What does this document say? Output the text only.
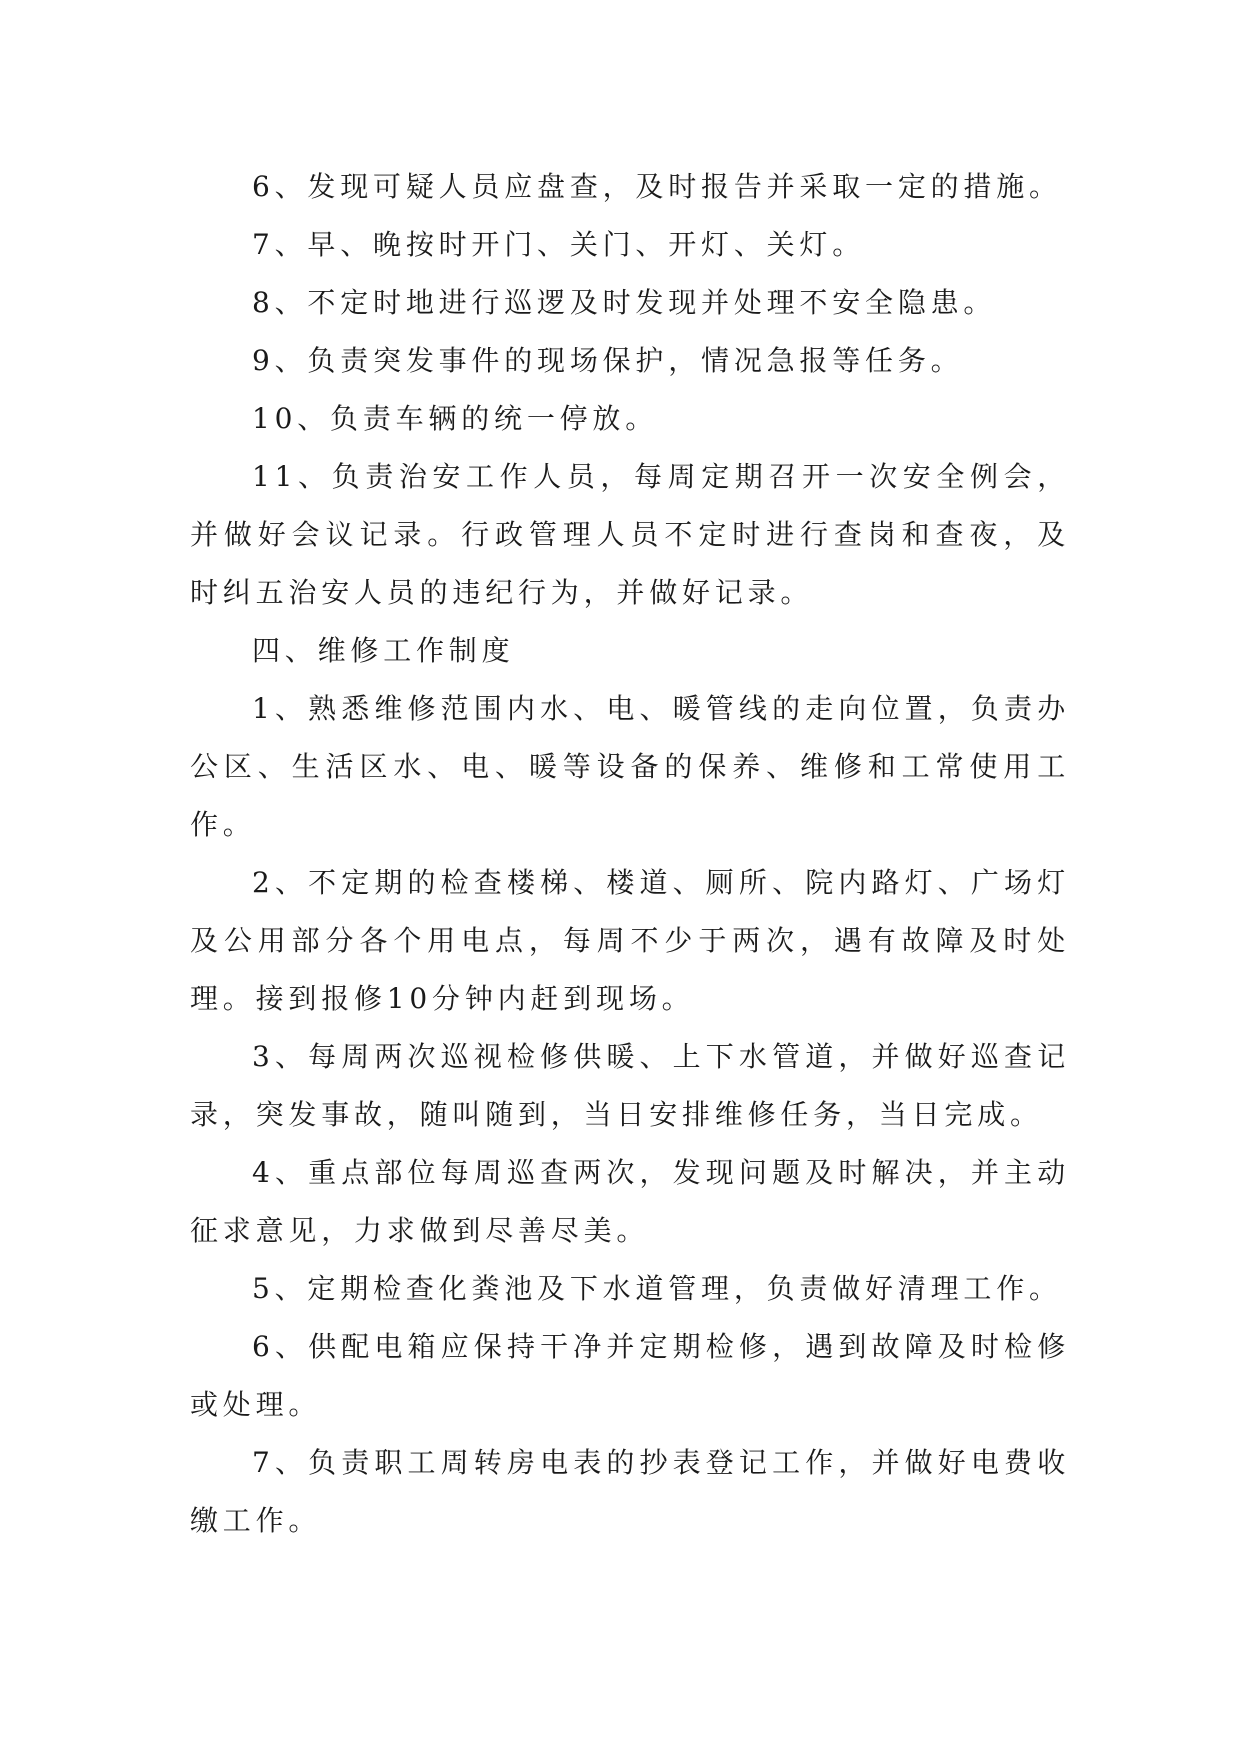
6、发现可疑人员应盘查，及时报告并采取一定的措施。

7、早、晚按时开门、关门、开灯、关灯。

8、不定时地进行巡逻及时发现并处理不安全隐患。

9、负责突发事件的现场保护，情况急报等任务。

10、负责车辆的统一停放。

11、负责治安工作人员，每周定期召开一次安全例会，并做好会议记录。行政管理人员不定时进行查岗和查夜，及时纠五治安人员的违纪行为，并做好记录。

四、维修工作制度

1、熟悉维修范围内水、电、暖管线的走向位置，负责办公区、生活区水、电、暖等设备的保养、维修和工常使用工作。

2、不定期的检查楼梯、楼道、厕所、院内路灯、广场灯及公用部分各个用电点，每周不少于两次，遇有故障及时处理。接到报修10分钟内赶到现场。

3、每周两次巡视检修供暖、上下水管道，并做好巡查记录，突发事故，随叫随到，当日安排维修任务，当日完成。

4、重点部位每周巡查两次，发现问题及时解决，并主动征求意见，力求做到尽善尽美。

5、定期检查化粪池及下水道管理，负责做好清理工作。

6、供配电箱应保持干净并定期检修，遇到故障及时检修或处理。

7、负责职工周转房电表的抄表登记工作，并做好电费收缴工作。
